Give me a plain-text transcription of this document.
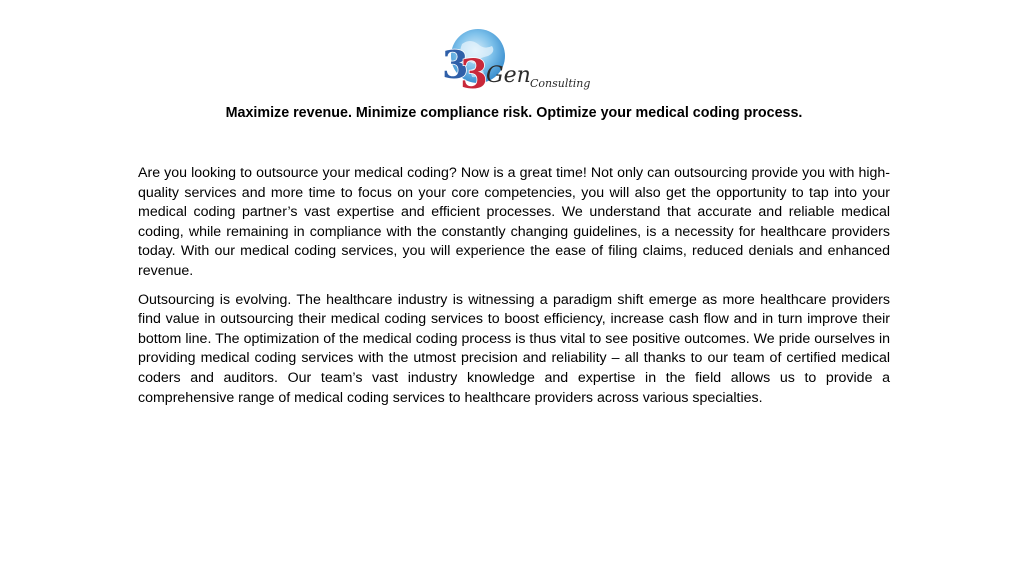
3
3
Gen Consulting
Maximize revenue. Minimize compliance risk. Optimize your medical coding process.

Are you looking to outsource your medical coding? Now is a great time! Not only can outsourcing provide you with high-quality services and more time to focus on your core competencies, you will also get the opportunity to tap into your medical coding partner’s vast expertise and efficient processes. We understand that accurate and reliable medical coding, while remaining in compliance with the constantly changing guidelines, is a necessity for healthcare providers today. With our medical coding services, you will experience the ease of filing claims, reduced denials and enhanced revenue.

Outsourcing is evolving. The healthcare industry is witnessing a paradigm shift emerge as more healthcare providers find value in outsourcing their medical coding services to boost efficiency, increase cash flow and in turn improve their bottom line. The optimization of the medical coding process is thus vital to see positive outcomes. We pride ourselves in providing medical coding services with the utmost precision and reliability – all thanks to our team of certified medical coders and auditors. Our team’s vast industry knowledge and expertise in the field allows us to provide a comprehensive range of medical coding services to healthcare providers across various specialties.
